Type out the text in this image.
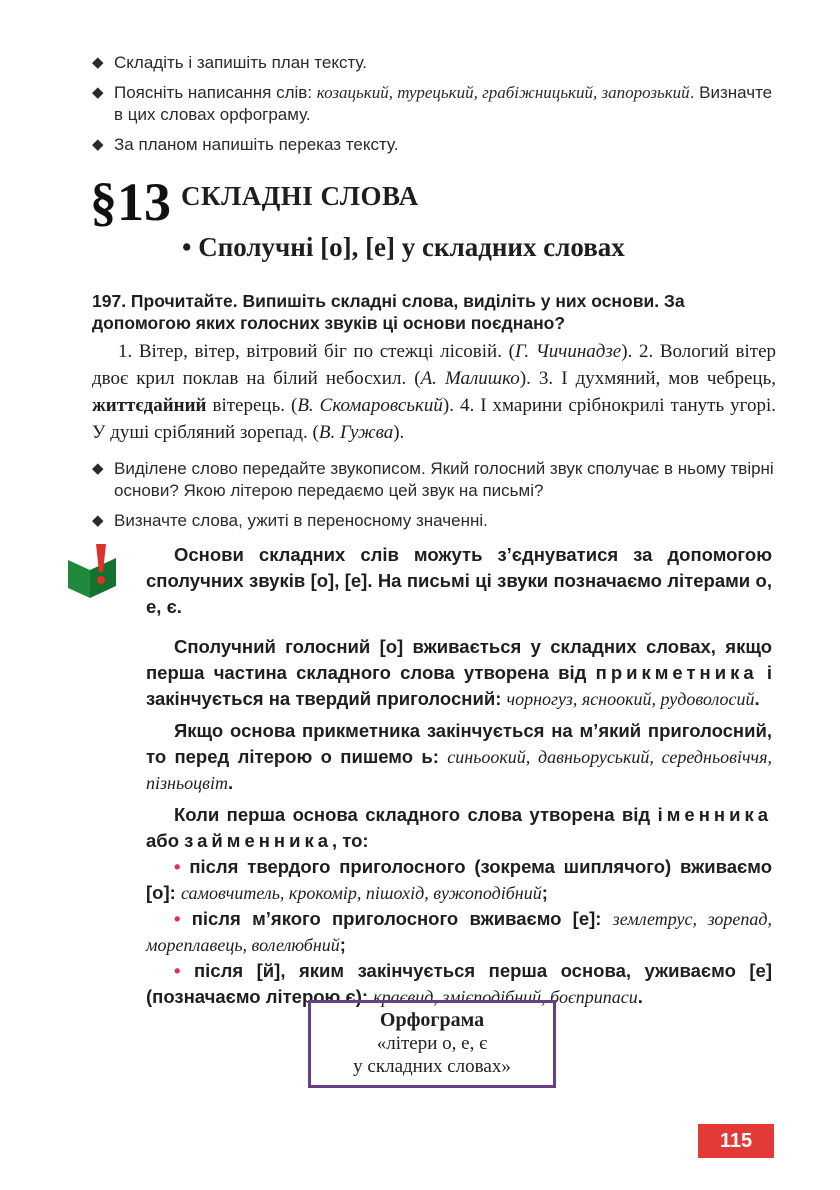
◆ Складіть і запишіть план тексту.
◆ Поясніть написання слів: козацький, турецький, грабіжницький, запорозький. Визначте в цих словах орфограму.
◆ За планом напишіть переказ тексту.
§13 СКЛАДНІ СЛОВА
• Сполучні [о], [е] у складних словах
197. Прочитайте. Випишіть складні слова, виділіть у них основи. За допомогою яких голосних звуків ці основи поєднано?
1. Вітер, вітер, вітровий біг по стежці лісовій. (Г. Чичинадзе). 2. Вологий вітер двоє крил поклав на білий небосхил. (А. Малишко). 3. І духмяний, мов чебрець, життєдайний вітерець. (В. Скомаровський). 4. І хмарини срібнокрилі тануть угорі. У душі срібляний зорепад. (В. Гужва).
◆ Виділене слово передайте звукописом. Який голосний звук сполучає в ньому твірні основи? Якою літерою передаємо цей звук на письмі?
◆ Визначте слова, ужиті в переносному значенні.

Основи складних слів можуть з’єднуватися за допомогою сполучних звуків [о], [е]. На письмі ці звуки позначаємо літерами о, е, є.

Сполучний голосний [о] вживається у складних словах, якщо перша частина складного слова утворена від прикметника і закінчується на твердий приголосний: чорногуз, ясноокий, рудоволосий.

Якщо основа прикметника закінчується на м’який приголосний, то перед літерою о пишемо ь: синьоокий, давньоруський, середньовіччя, пізньоцвіт.

Коли перша основа складного слова утворена від іменника або займенника, то:

• після твердого приголосного (зокрема шиплячого) вживаємо [о]: самовчитель, крокомір, пішохід, вужоподібний;

• після м’якого приголосного вживаємо [е]: землетрус, зорепад, мореплавець, волелюбний;

• після [й], яким закінчується перша основа, уживаємо [е] (позначаємо літерою є): краєвид, змієподібний, боєприпаси.

Орфограма
«літери о, е, є
у складних словах»
115
